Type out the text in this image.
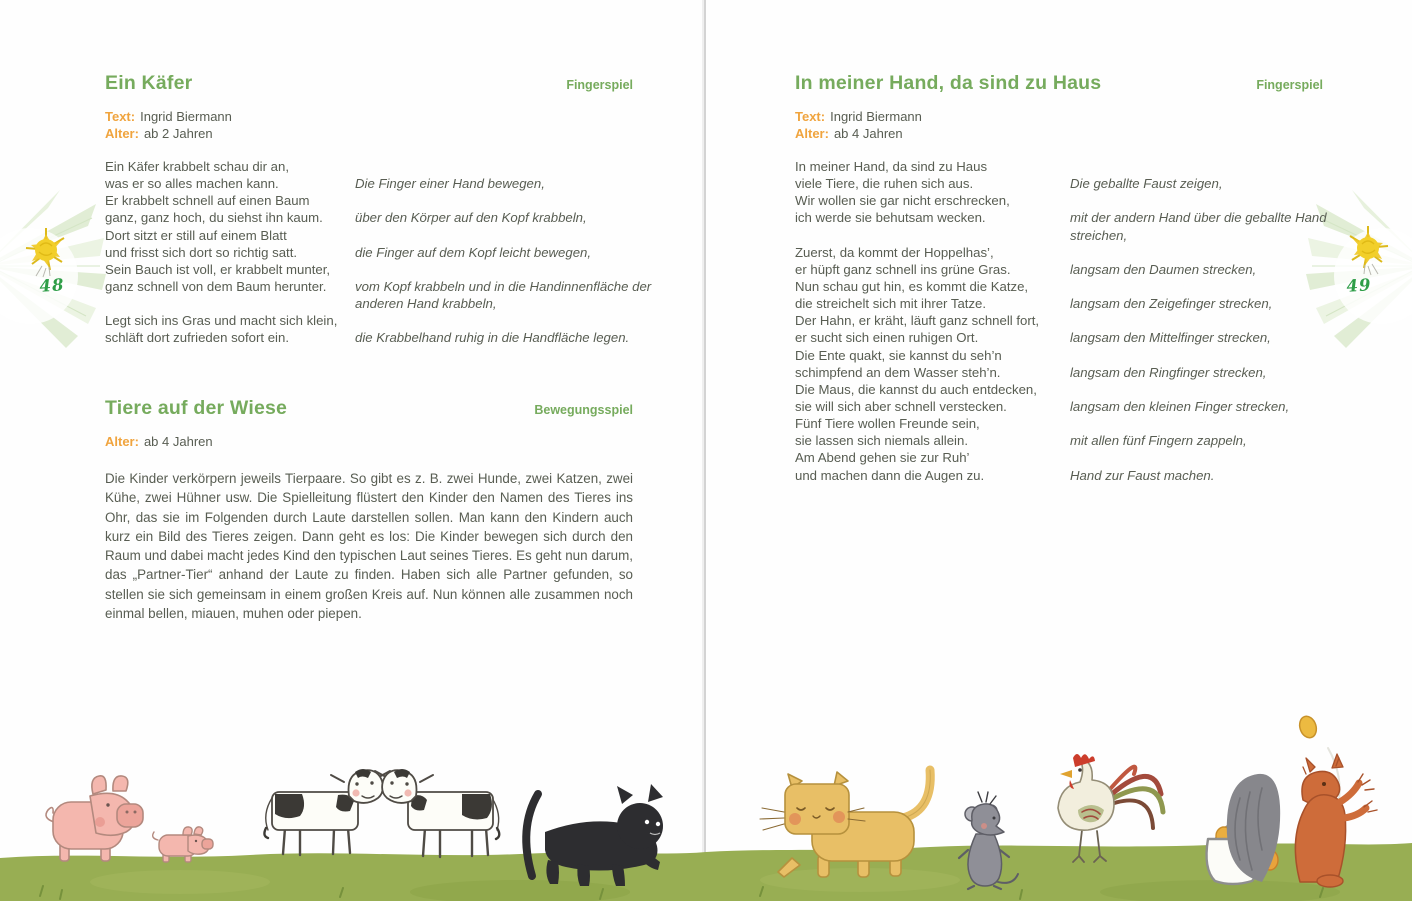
48	49
Ein Käfer	Fingerspiel
Text: Ingrid Biermann
Alter: ab 2 Jahren
Ein Käfer krabbelt schau dir an,
was er so alles machen kann.	Die Finger einer Hand bewegen,
Er krabbelt schnell auf einen Baum
ganz, ganz hoch, du siehst ihn kaum.	über den Körper auf den Kopf krabbeln,
Dort sitzt er still auf einem Blatt
und frisst sich dort so richtig satt.	die Finger auf dem Kopf leicht bewegen,
Sein Bauch ist voll, er krabbelt munter,
ganz schnell von dem Baum herunter.	vom Kopf krabbeln und in die Handinnenfläche der
anderen Hand krabbeln,
Legt sich ins Gras und macht sich klein,
schläft dort zufrieden sofort ein.	die Krabbelhand ruhig in die Handfläche legen.
Tiere auf der Wiese	Bewegungsspiel
Alter: ab 4 Jahren
Die Kinder verkörpern jeweils Tierpaare. So gibt es z. B. zwei Hunde, zwei Katzen, zwei Kühe, zwei Hühner usw. Die Spielleitung flüstert den Kinder den Namen des Tieres ins Ohr, das sie im Folgenden durch Laute darstellen sollen. Man kann den Kindern auch kurz ein Bild des Tieres zeigen. Dann geht es los: Die Kinder bewegen sich durch den Raum und dabei macht jedes Kind den typischen Laut seines Tieres. Es geht nun darum, das „Partner-Tier“ anhand der Laute zu finden. Haben sich alle Partner gefunden, so stellen sie sich gemeinsam in einem großen Kreis auf. Nun können alle zusammen noch einmal bellen, miauen, muhen oder piepen.
In meiner Hand, da sind zu Haus	Fingerspiel
Text: Ingrid Biermann
Alter: ab 4 Jahren
In meiner Hand, da sind zu Haus
viele Tiere, die ruhen sich aus.	Die geballte Faust zeigen,
Wir wollen sie gar nicht erschrecken,
ich werde sie behutsam wecken.	mit der andern Hand über die geballte Hand
streichen,
Zuerst, da kommt der Hoppelhas’,
er hüpft ganz schnell ins grüne Gras.	langsam den Daumen strecken,
Nun schau gut hin, es kommt die Katze,
die streichelt sich mit ihrer Tatze.	langsam den Zeigefinger strecken,
Der Hahn, er kräht, läuft ganz schnell fort,
er sucht sich einen ruhigen Ort.	langsam den Mittelfinger strecken,
Die Ente quakt, sie kannst du seh’n
schimpfend an dem Wasser steh’n.	langsam den Ringfinger strecken,
Die Maus, die kannst du auch entdecken,
sie will sich aber schnell verstecken.	langsam den kleinen Finger strecken,
Fünf Tiere wollen Freunde sein,
sie lassen sich niemals allein.	mit allen fünf Fingern zappeln,
Am Abend gehen sie zur Ruh’
und machen dann die Augen zu.	Hand zur Faust machen.
